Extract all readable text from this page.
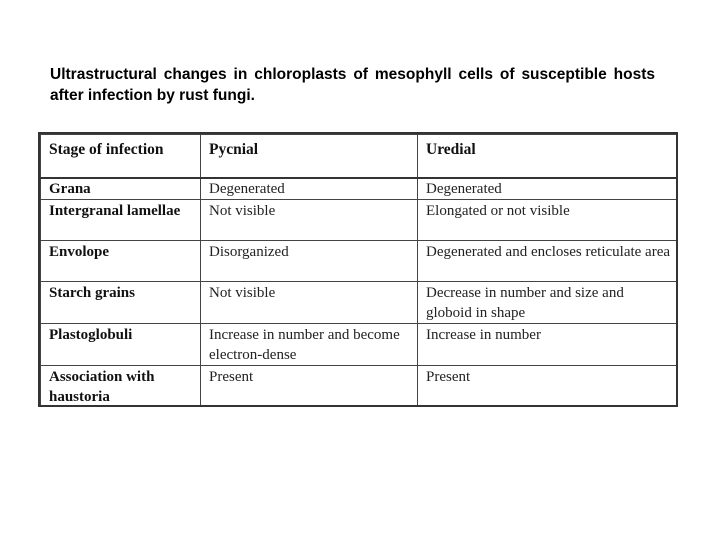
Ultrastructural changes in chloroplasts of mesophyll cells of susceptible hosts after infection by rust fungi.
Stage of infection	Pycnial	Uredial
Grana	Degenerated	Degenerated
Intergranal lamellae	Not visible	Elongated or not visible
Envolope	Disorganized	Degenerated and encloses reticulate area
Starch grains	Not visible	Decrease in number and size and globoid in shape
Plastoglobuli	Increase in number and become electron-dense	Increase in number
Association with haustoria	Present	Present
